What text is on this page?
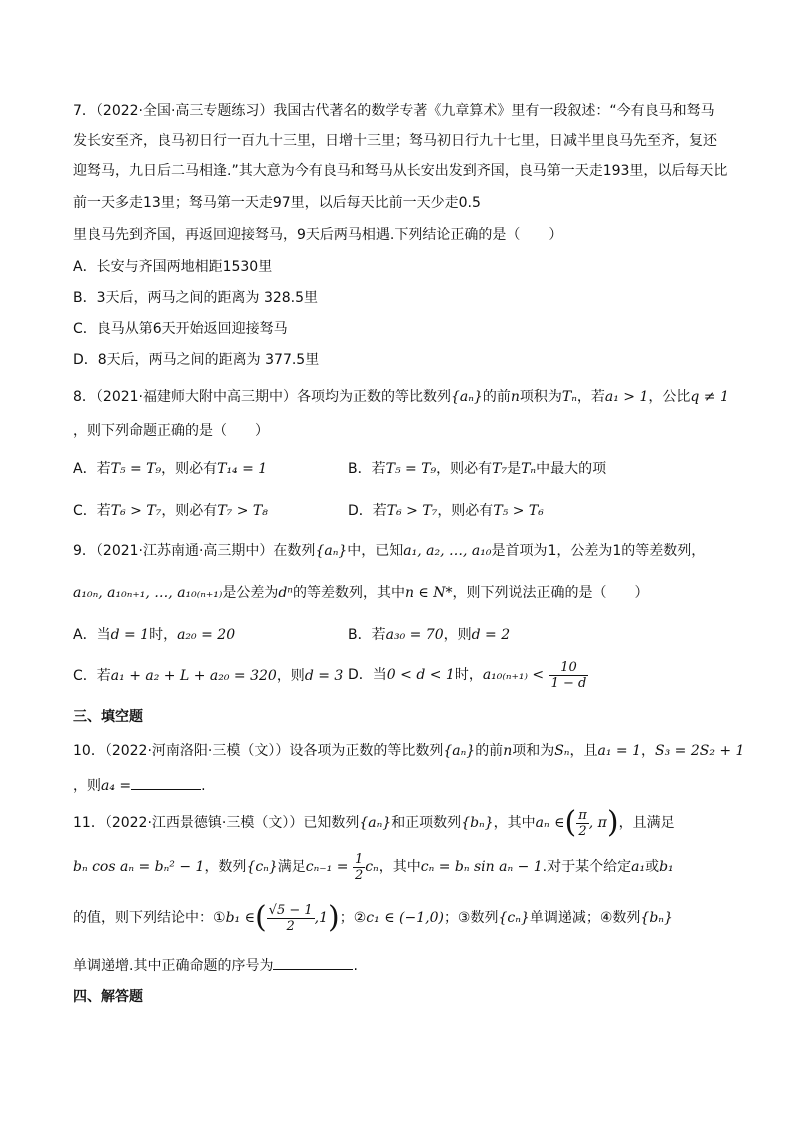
7．（2022·全国·高三专题练习）我国古代著名的数学专著《九章算术》里有一段叙述：“今有良马和驽马
发长安至齐，良马初日行一百九十三里，日增十三里；驽马初日行九十七里，日减半里良马先至齐，复还
迎驽马，九日后二马相逢.”其大意为今有良马和驽马从长安出发到齐国，良马第一天走193里，以后每天比
前一天多走13里；驽马第一天走97里，以后每天比前一天少走0.5
里良马先到齐国，再返回迎接驽马，9天后两马相遇.下列结论正确的是（　　）
A．长安与齐国两地相距1530里
B．3天后，两马之间的距离为 328.5里
C．良马从第6天开始返回迎接驽马
D．8天后，两马之间的距离为 377.5里
8．（2021·福建师大附中高三期中）各项均为正数的等比数列{aₙ}的前n项积为Tₙ，若a₁ > 1，公比q ≠ 1
，则下列命题正确的是（　　）
A．若T₅ = T₉，则必有T₁₄ = 1	B．若T₅ = T₉，则必有T₇是Tₙ中最大的项
C．若T₆ > T₇，则必有T₇ > T₈	D．若T₆ > T₇，则必有T₅ > T₆
9．（2021·江苏南通·高三期中）在数列{aₙ}中，已知a₁, a₂, …, a₁₀是首项为1，公差为1的等差数列，
a₁₀ₙ, a₁₀ₙ₊₁, …, a₁₀₍ₙ₊₁₎是公差为dⁿ的等差数列，其中n ∈ N*，则下列说法正确的是（　　）
A．当d = 1时，a₂₀ = 20	B．若a₃₀ = 70，则d = 2
C．若a₁ + a₂ + L + a₂₀ = 320，则d = 3 D．当0 < d < 1时，$a_{10(n+1)} < \frac{10}{1 - d}$
三、填空题
10．（2022·河南洛阳·三模（文））设各项为正数的等比数列{aₙ}的前n项和为Sₙ，且a₁ = 1，S₃ = 2S₂ + 1
，则a₄ =	.
11．（2022·江西景德镇·三模（文））已知数列{aₙ}和正项数列{bₙ}，其中aₙ ∈( $\frac{\pi}{2}$ , π)，且满足
bₙ cos aₙ = bₙ² − 1，数列{cₙ}满足$c_{n-1} = \frac{1}{2}$ cₙ，其中cₙ = bₙ sin aₙ − 1.对于某个给定a₁或b₁
的值，则下列结论中：①b₁ ∈( $\frac{√5 - 1}{2} ,1$)；②c₁ ∈ (−1,0)；③数列{cₙ}单调递减；④数列{bₙ}
单调递增.其中正确命题的序号为	.
四、解答题
